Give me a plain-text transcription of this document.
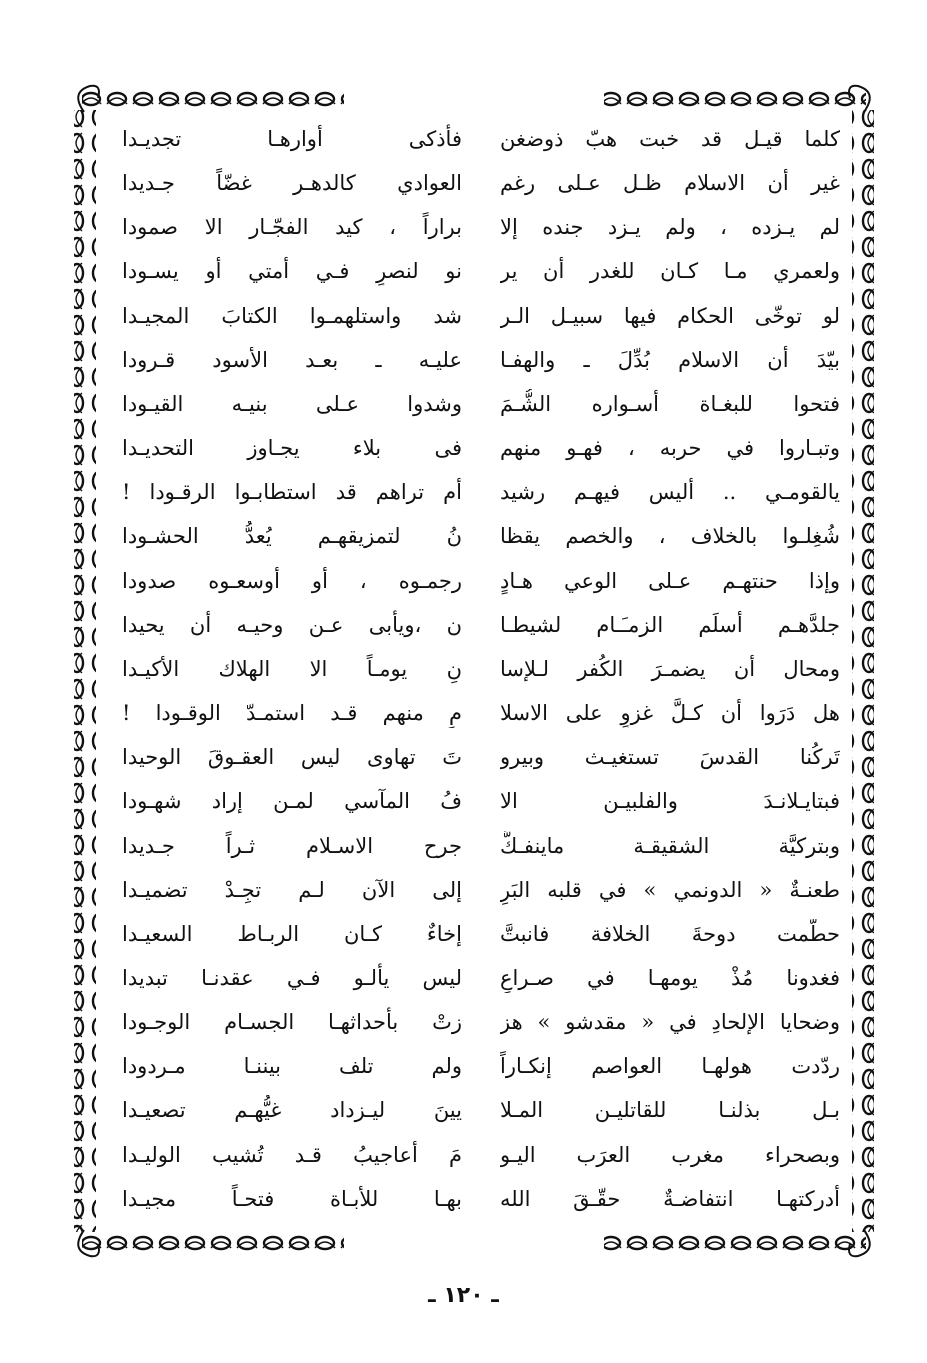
كلما قيـل قد خبت هبّ ذوضغن
غير أن الاسلام ظـل عـلى رغم
لم يـزده ، ولم يـزد جنده إلا
ولعمري مـا كـان للغدر أن ير
لو توخّى الحكام فيها سبيـل الـر
بيّدَ أن الاسلام بُدِّلَ ـ والهفـا
فتحوا للبغـاة أسـواره الشُّـمَ
وتبـاروا في حربه ، فهـو منهم
يالقومـي .. أليس فيهـم رشيد
شُغِلـوا بالخلاف ، والخصم يقظا
وإذا حنتهـم عـلى الوعي هـادٍ
جلدَّهـم أسلَم الزمـَـام لشيطـا
ومحال أن يضمـرَ الكُفر لـلإسا
هل دَرَوا أن كـلَّ غزوٍ على الاسلا
تَركُنا القدسَ تستغيـث وبيرو
فبتايـلانـدَ والفلبيـن الا
وبتركيَّة الشقيقـة ماينفـكُّ
طعنـةٌ « الدونمي » في قلبه البَرِ
حطّمت دوحةَ الخلافة فانبتَّ
فغدونا مُذْ يومهـا في صـراعٍ
وضحايا الإلحادِ في « مقدشو » هز
ردّدت هولهـا العواصم إنكـاراً
بـل بذلنـا للقاتليـن المـلا
وبصحراء مغرب العرَب اليـو
أدركتهـا انتفاضـةٌ حقّـقَ الله
فأذكى أوارهـا تجديـدا
العوادي كالدهـر غضّاً جـديدا
براراً ، كيد الفجّـار الا صمودا
نو لنصرٍ فـي أمتي أو يسـودا
شد واستلهمـوا الكتابَ المجيـدا
عليـه ـ بعـد الأسود قـرودا
وشدوا عـلى بنيـه القيـودا
فى بلاء يجـاوز التحديـدا
أم تراهم قد استطابـوا الرقـودا !
نُ لتمزيقهـم يُعدُّ الحشـودا
رجمـوه ، أو أوسعـوه صدودا
ن ،ويأبى عـن وحيـه أن يحيدا
نِ يومـاً الا الهلاك الأكيـدا
مِ منهم قـد استمـدّ الوقـودا !
تَ تهاوى ليس العقـوقَ الوحيدا
فُ المآسي لمـن إراد شهـودا
جرح الاسـلام ثـراً جـديدا
إلى الآن لـم تجِـدْ تضميـدا
إخاءٌ كـان الربـاط السعيـدا
ليس يألـو فـي عقدنـا تبديدا
زتْ بأحداثهـا الجسـام الوجـودا
ولم تلف بيننـا مـردودا
يينَ ليـزداد غيُّهـم تصعيـدا
مَ أعاجيبُ قـد تُشيب الوليـدا
بهـا للأبـاة فتحـاً مجيـدا
ـ ١٢٠ ـ
